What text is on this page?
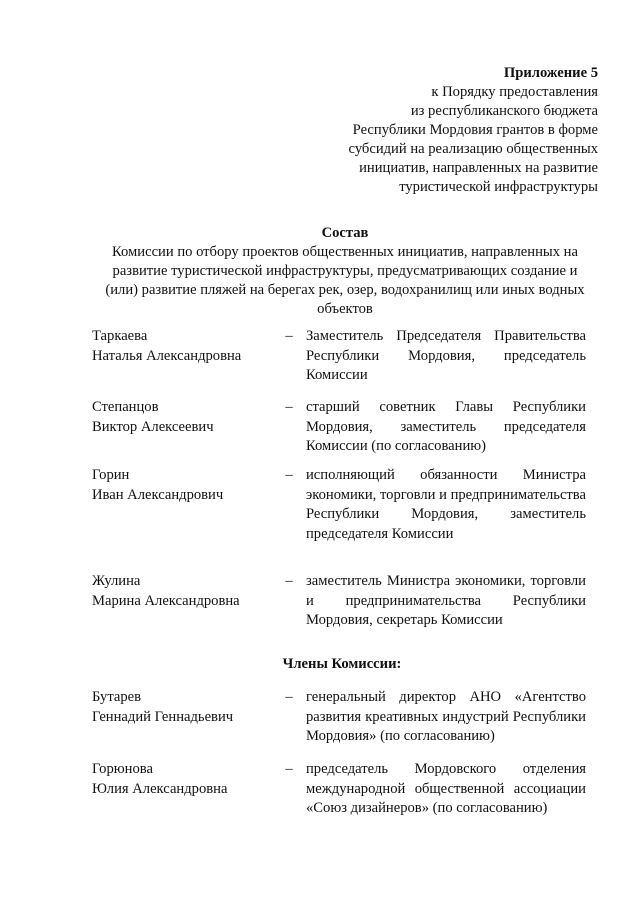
Приложение 5
к Порядку предоставления
из республиканского бюджета
Республики Мордовия грантов в форме
субсидий на реализацию общественных
инициатив, направленных на развитие
туристической инфраструктуры
Состав
Комиссии по отбору проектов общественных инициатив, направленных на
развитие туристической инфраструктуры, предусматривающих создание и
(или) развитие пляжей на берегах рек, озер, водохранилищ или иных водных
объектов
Таркаева
Наталья Александровна
– Заместитель Председателя Правительства Республики Мордовия, председатель Комиссии
Степанцов
Виктор Алексеевич
– старший советник Главы Республики Мордовия, заместитель председателя Комиссии (по согласованию)
Горин
Иван Александрович
– исполняющий обязанности Министра экономики, торговли и предпринимательства Республики Мордовия, заместитель председателя Комиссии
Жулина
Марина Александровна
– заместитель Министра экономики, торговли и предпринимательства Республики Мордовия, секретарь Комиссии
Члены Комиссии:
Бутарев
Геннадий Геннадьевич
– генеральный директор АНО «Агентство развития креативных индустрий Республики Мордовия» (по согласованию)
Горюнова
Юлия Александровна
– председатель Мордовского отделения международной общественной ассоциации «Союз дизайнеров» (по согласованию)
